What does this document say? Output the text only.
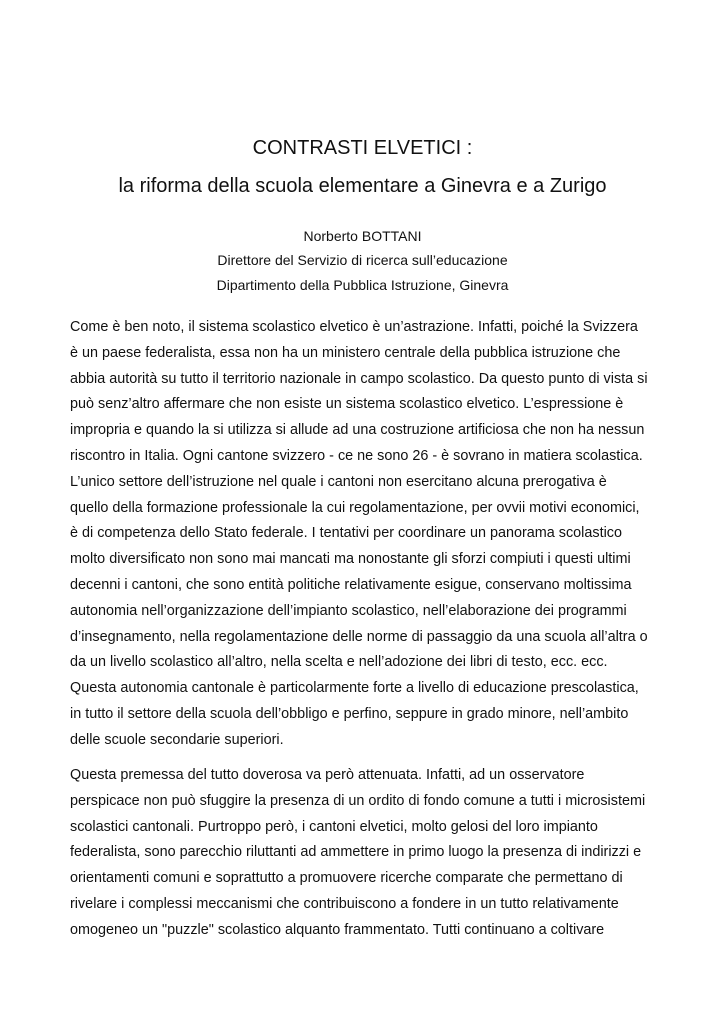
CONTRASTI ELVETICI :
la riforma della scuola elementare a Ginevra e a Zurigo
Norberto BOTTANI
Direttore del Servizio di ricerca sull’educazione
Dipartimento della Pubblica Istruzione, Ginevra
Come è ben noto, il sistema scolastico elvetico è un’astrazione. Infatti, poiché la Svizzera
è un paese federalista, essa non ha un ministero centrale della pubblica istruzione che
abbia autorità su tutto il territorio nazionale in campo scolastico. Da questo punto di vista si
può senz’altro affermare che non esiste un sistema scolastico elvetico. L’espressione è
impropria e quando la si utilizza si allude ad una costruzione artificiosa che non ha nessun
riscontro in Italia. Ogni cantone svizzero - ce ne sono 26 - è sovrano in matiera scolastica.
L’unico settore dell’istruzione nel quale i cantoni non esercitano alcuna prerogativa è
quello della formazione professionale la cui regolamentazione, per ovvii motivi economici,
è di competenza dello Stato federale. I tentativi per coordinare un panorama scolastico
molto diversificato non sono mai mancati ma nonostante gli sforzi compiuti i questi ultimi
decenni i cantoni, che sono entità politiche relativamente esigue, conservano moltissima
autonomia nell’organizzazione dell’impianto scolastico, nell’elaborazione dei programmi
d’insegnamento, nella regolamentazione delle norme di passaggio da una scuola all’altra o
da un livello scolastico all’altro, nella scelta e nell’adozione dei libri di testo, ecc. ecc.
Questa autonomia cantonale è particolarmente forte a livello di educazione prescolastica,
in tutto il settore della scuola dell’obbligo e perfino, seppure in grado minore, nell’ambito
delle scuole secondarie superiori.
Questa premessa del tutto doverosa va però attenuata. Infatti, ad un osservatore
perspicace non può sfuggire la presenza di un ordito di fondo comune a tutti i microsistemi
scolastici cantonali. Purtroppo però, i cantoni elvetici, molto gelosi del loro impianto
federalista, sono parecchio riluttanti ad ammettere in primo luogo la presenza di indirizzi e
orientamenti comuni e soprattutto a promuovere ricerche comparate che permettano di
rivelare i complessi meccanismi che contribuiscono a fondere in un tutto relativamente
omogeneo un "puzzle" scolastico alquanto frammentato. Tutti continuano a coltivare
